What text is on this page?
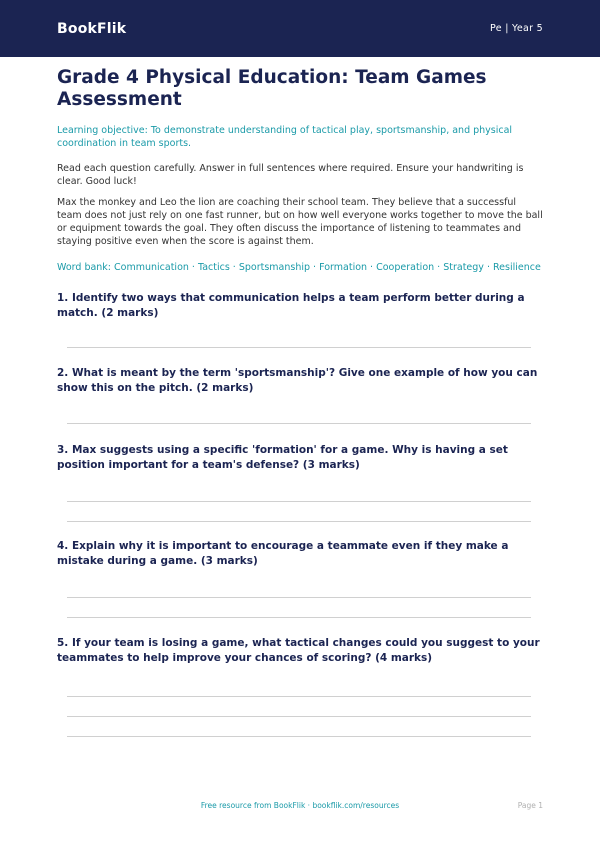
BookFlik	Pe | Year 5
Grade 4 Physical Education: Team Games Assessment

Learning objective: To demonstrate understanding of tactical play, sportsmanship, and physical coordination in team sports.

Read each question carefully. Answer in full sentences where required. Ensure your handwriting is clear. Good luck!

Max the monkey and Leo the lion are coaching their school team. They believe that a successful team does not just rely on one fast runner, but on how well everyone works together to move the ball or equipment towards the goal. They often discuss the importance of listening to teammates and staying positive even when the score is against them.

Word bank: Communication · Tactics · Sportsmanship · Formation · Cooperation · Strategy · Resilience

1. Identify two ways that communication helps a team perform better during a match. (2 marks)

2. What is meant by the term 'sportsmanship'? Give one example of how you can show this on the pitch. (2 marks)

3. Max suggests using a specific 'formation' for a game. Why is having a set position important for a team's defense? (3 marks)

4. Explain why it is important to encourage a teammate even if they make a mistake during a game. (3 marks)

5. If your team is losing a game, what tactical changes could you suggest to your teammates to help improve your chances of scoring? (4 marks)

Free resource from BookFlik · bookflik.com/resources	Page 1
